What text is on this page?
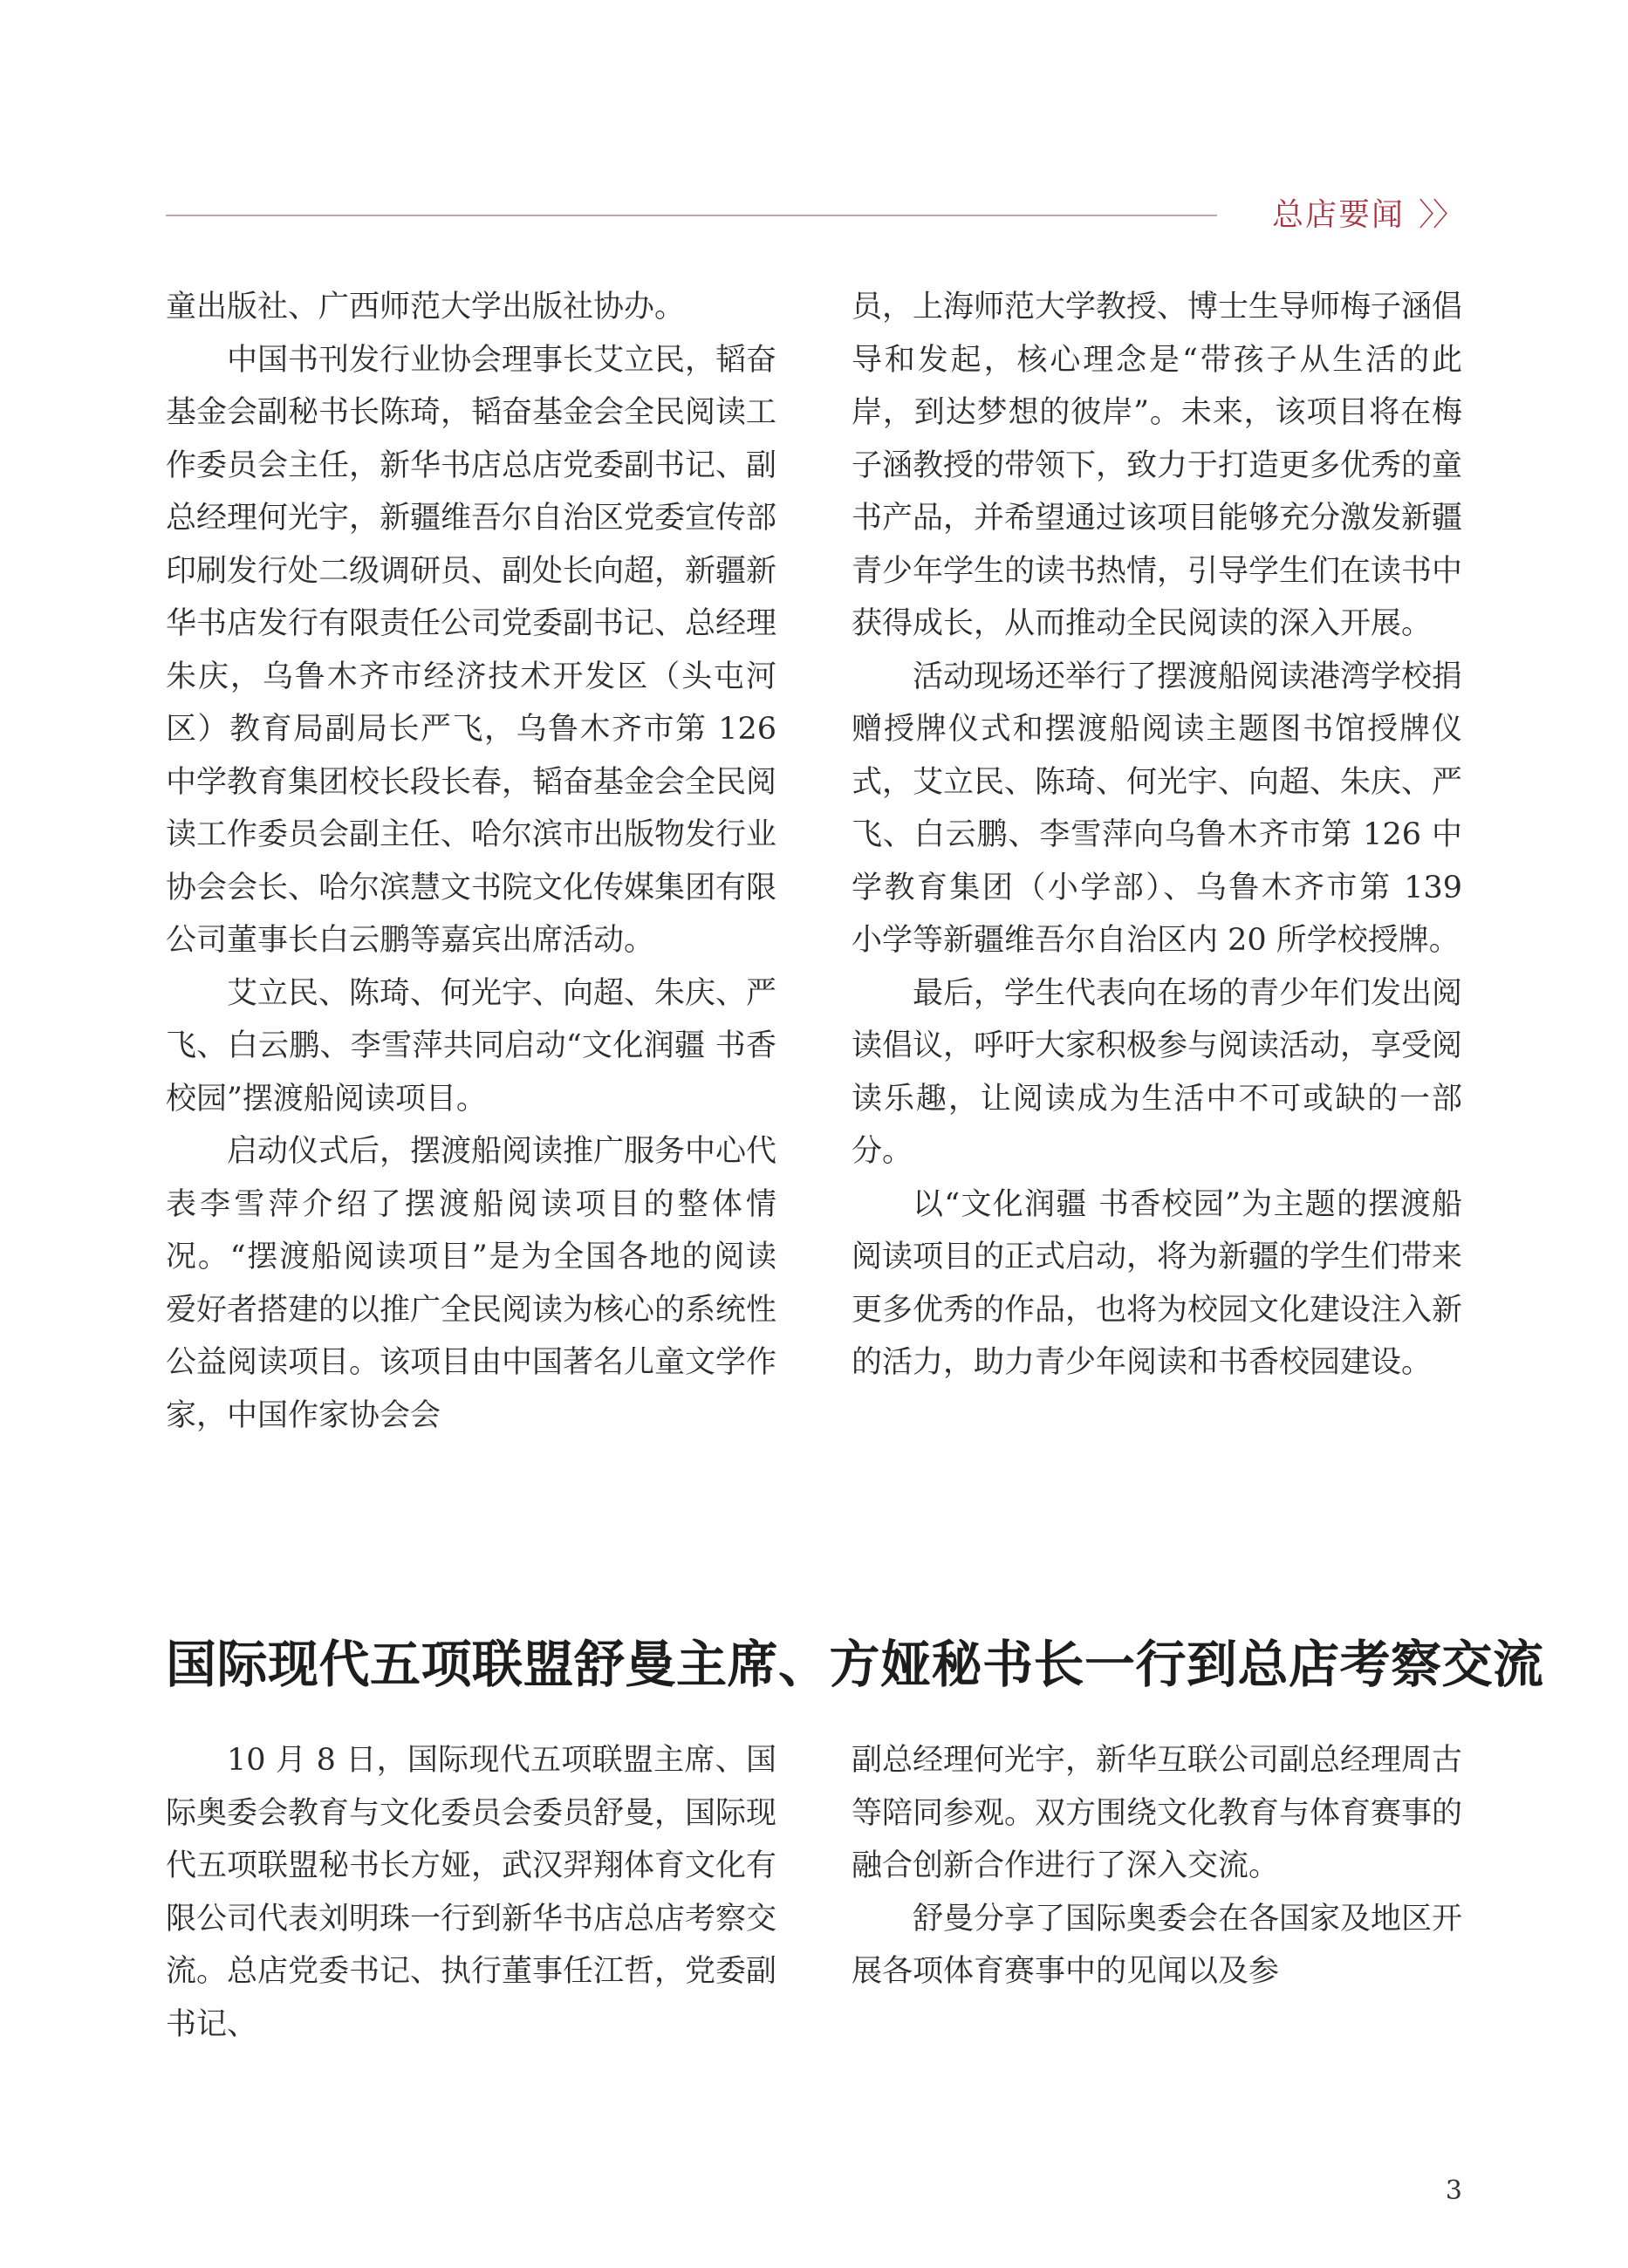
总店要闻 〉〉

童出版社、广西师范大学出版社协办。

中国书刊发行业协会理事长艾立民，韬奋基金会副秘书长陈琦，韬奋基金会全民阅读工作委员会主任，新华书店总店党委副书记、副总经理何光宇，新疆维吾尔自治区党委宣传部印刷发行处二级调研员、副处长向超，新疆新华书店发行有限责任公司党委副书记、总经理朱庆，乌鲁木齐市经济技术开发区（头屯河区）教育局副局长严飞，乌鲁木齐市第 126 中学教育集团校长段长春，韬奋基金会全民阅读工作委员会副主任、哈尔滨市出版物发行业协会会长、哈尔滨慧文书院文化传媒集团有限公司董事长白云鹏等嘉宾出席活动。

艾立民、陈琦、何光宇、向超、朱庆、严飞、白云鹏、李雪萍共同启动“文化润疆 书香校园”摆渡船阅读项目。

启动仪式后，摆渡船阅读推广服务中心代表李雪萍介绍了摆渡船阅读项目的整体情况。“摆渡船阅读项目”是为全国各地的阅读爱好者搭建的以推广全民阅读为核心的系统性公益阅读项目。该项目由中国著名儿童文学作家，中国作家协会会

员，上海师范大学教授、博士生导师梅子涵倡导和发起，核心理念是“带孩子从生活的此岸，到达梦想的彼岸”。未来，该项目将在梅子涵教授的带领下，致力于打造更多优秀的童书产品，并希望通过该项目能够充分激发新疆青少年学生的读书热情，引导学生们在读书中获得成长，从而推动全民阅读的深入开展。

活动现场还举行了摆渡船阅读港湾学校捐赠授牌仪式和摆渡船阅读主题图书馆授牌仪式，艾立民、陈琦、何光宇、向超、朱庆、严飞、白云鹏、李雪萍向乌鲁木齐市第 126 中学教育集团（小学部）、乌鲁木齐市第 139 小学等新疆维吾尔自治区内 20 所学校授牌。

最后，学生代表向在场的青少年们发出阅读倡议，呼吁大家积极参与阅读活动，享受阅读乐趣，让阅读成为生活中不可或缺的一部分。

以“文化润疆 书香校园”为主题的摆渡船阅读项目的正式启动，将为新疆的学生们带来更多优秀的作品，也将为校园文化建设注入新的活力，助力青少年阅读和书香校园建设。

国际现代五项联盟舒曼主席、方娅秘书长一行到总店考察交流

10 月 8 日，国际现代五项联盟主席、国际奥委会教育与文化委员会委员舒曼，国际现代五项联盟秘书长方娅，武汉羿翔体育文化有限公司代表刘明珠一行到新华书店总店考察交流。总店党委书记、执行董事任江哲，党委副书记、

副总经理何光宇，新华互联公司副总经理周古等陪同参观。双方围绕文化教育与体育赛事的融合创新合作进行了深入交流。

舒曼分享了国际奥委会在各国家及地区开展各项体育赛事中的见闻以及参

3
